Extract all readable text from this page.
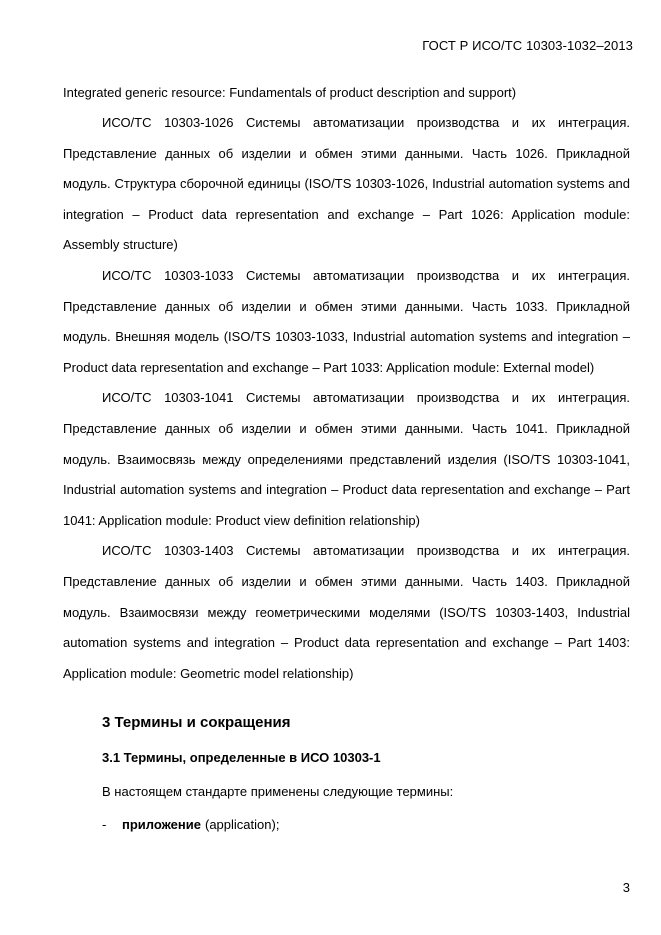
ГОСТ Р ИСО/ТС 10303-1032–2013

Integrated generic resource: Fundamentals of product description and support)

ИСО/ТС 10303-1026 Системы автоматизации производства и их интеграция. Представление данных об изделии и обмен этими данными. Часть 1026. Прикладной модуль. Структура сборочной единицы (ISO/TS 10303-1026, Industrial automation systems and integration – Product data representation and exchange – Part 1026: Application module: Assembly structure)

ИСО/ТС 10303-1033 Системы автоматизации производства и их интеграция. Представление данных об изделии и обмен этими данными. Часть 1033. Прикладной модуль. Внешняя модель (ISO/TS 10303-1033, Industrial automation systems and integration – Product data representation and exchange – Part 1033: Application module: External model)

ИСО/ТС 10303-1041 Системы автоматизации производства и их интеграция. Представление данных об изделии и обмен этими данными. Часть 1041. Прикладной модуль. Взаимосвязь между определениями представлений изделия (ISO/TS 10303-1041, Industrial automation systems and integration – Product data representation and exchange – Part 1041: Application module: Product view definition relationship)

ИСО/ТС 10303-1403 Системы автоматизации производства и их интеграция. Представление данных об изделии и обмен этими данными. Часть 1403. Прикладной модуль. Взаимосвязи между геометрическими моделями (ISO/TS 10303-1403, Industrial automation systems and integration – Product data representation and exchange – Part 1403: Application module: Geometric model relationship)

3 Термины и сокращения
3.1 Термины, определенные в ИСО 10303-1

В настоящем стандарте применены следующие термины:

-	приложение (application);
3
